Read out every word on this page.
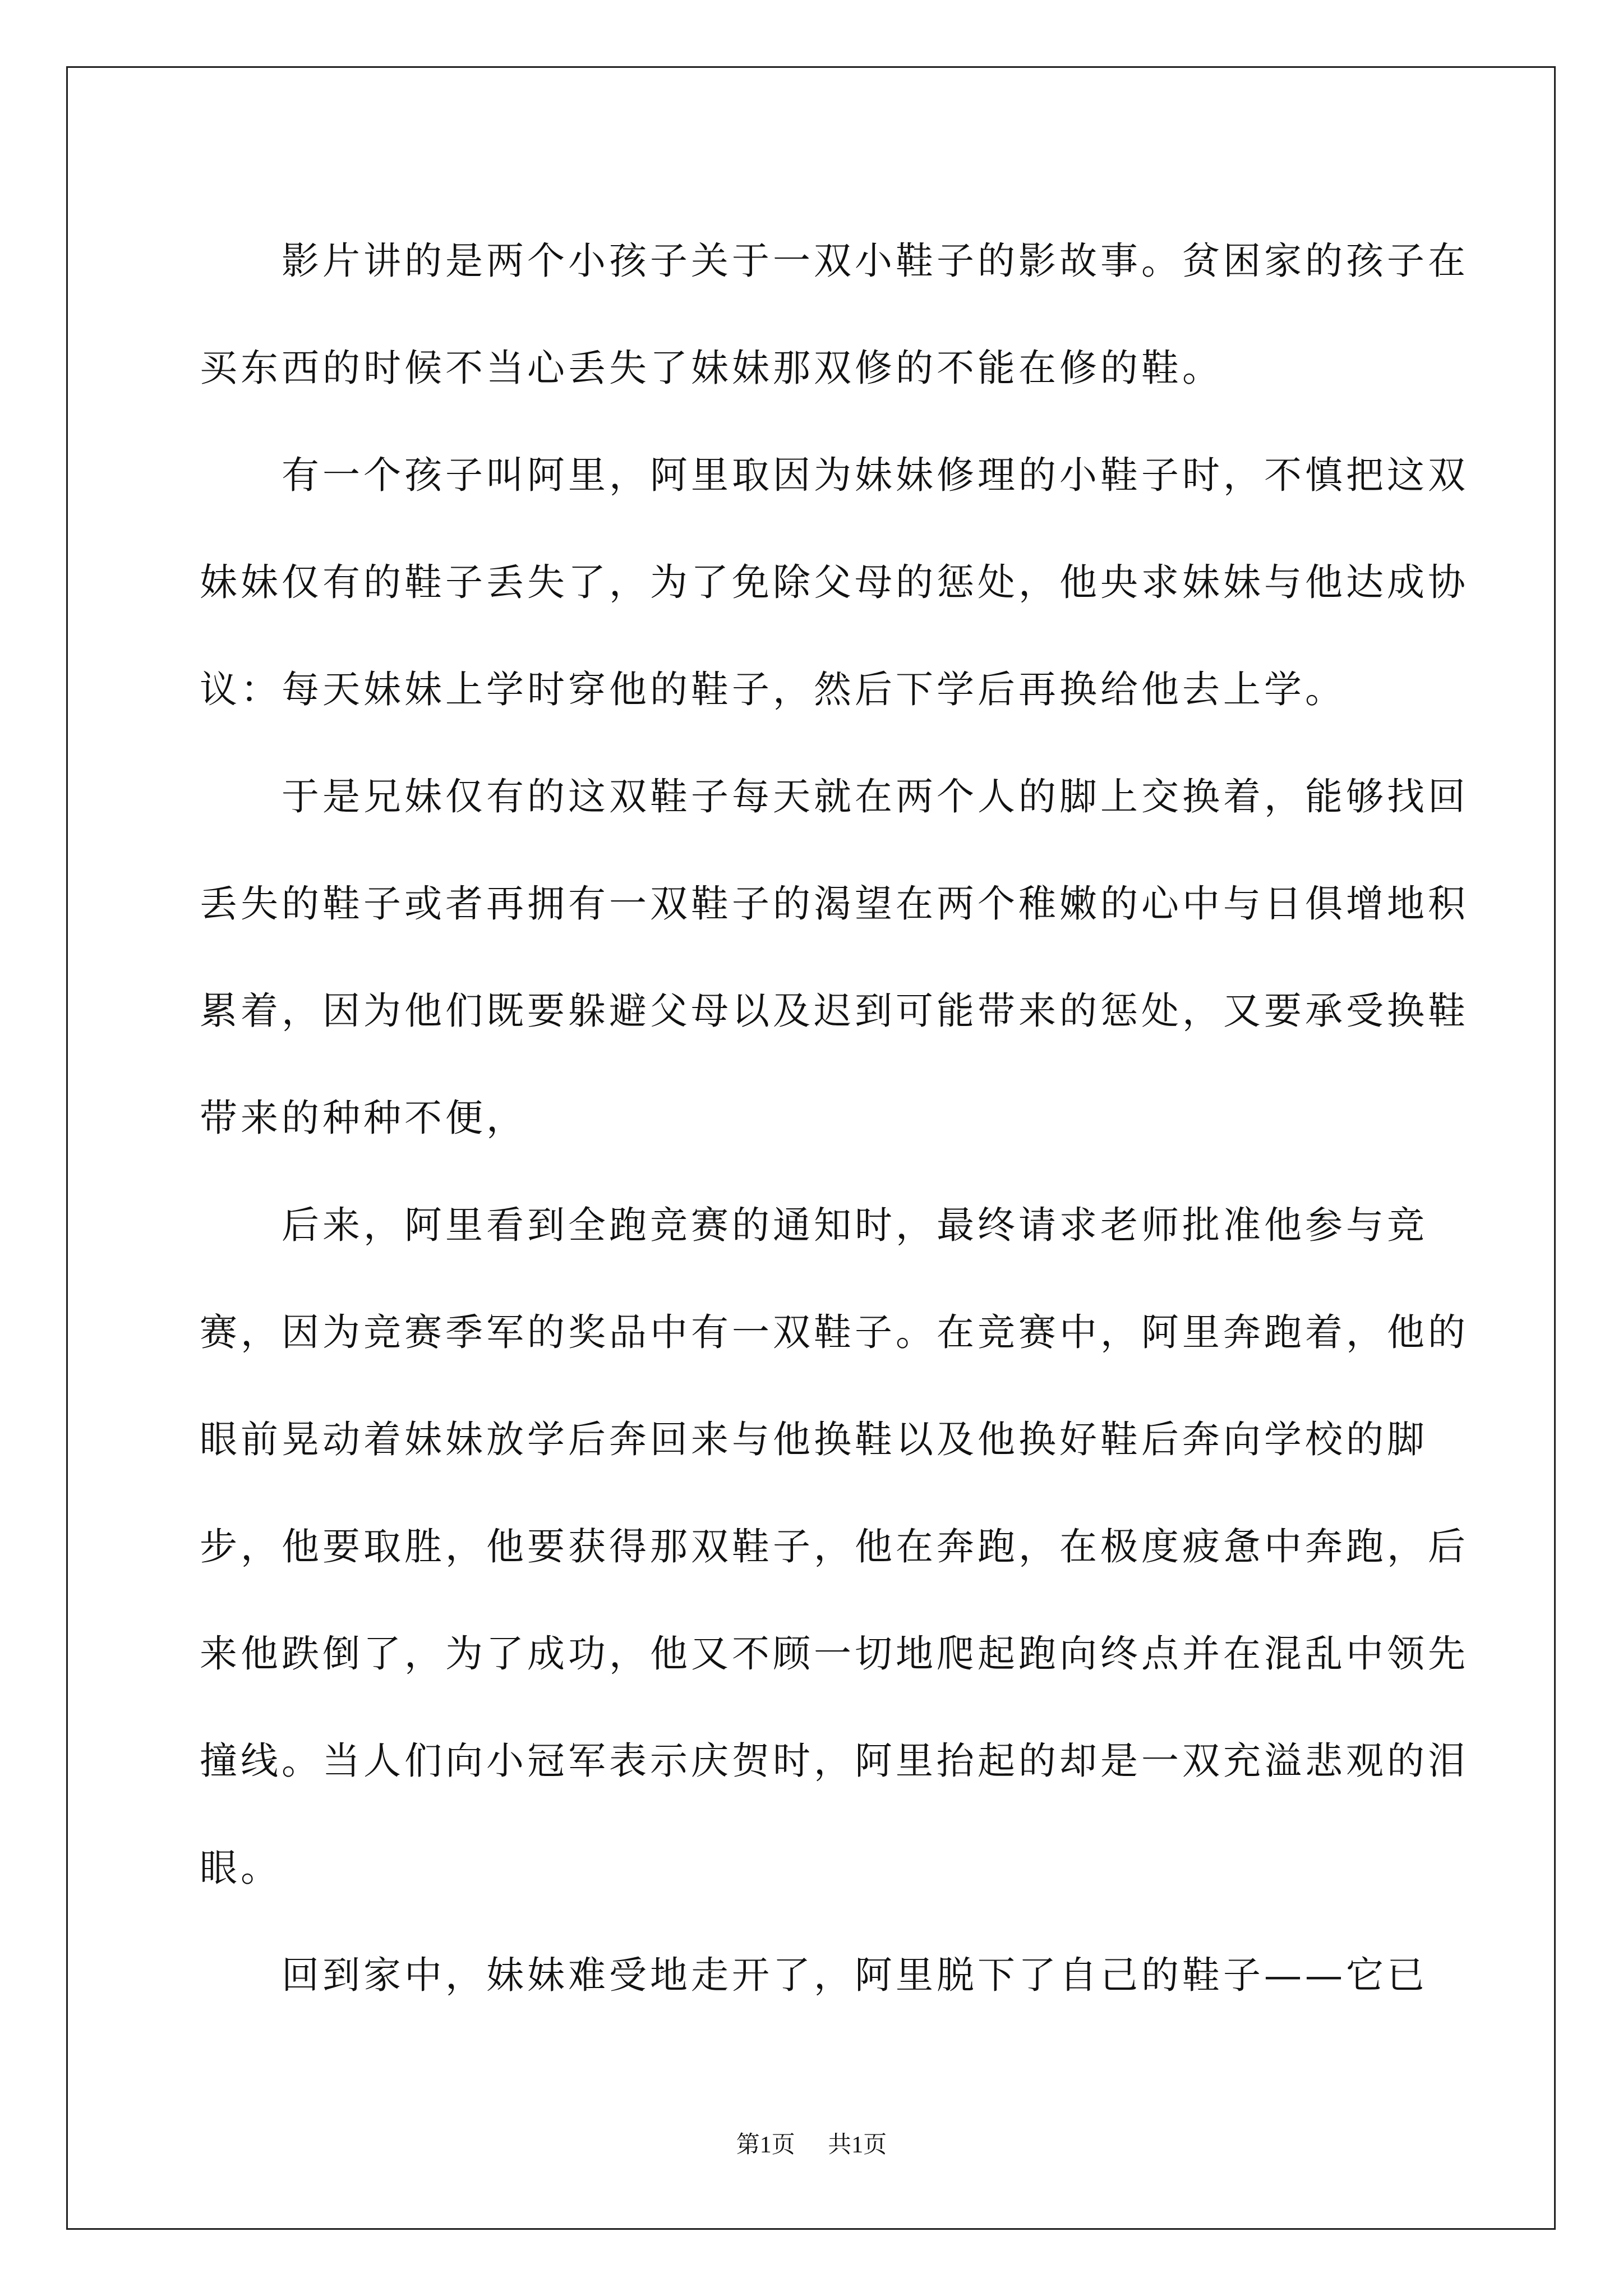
影片讲的是两个小孩子关于一双小鞋子的影故事。贫困家的孩子在买东西的时候不当心丢失了妹妹那双修的不能在修的鞋。

有一个孩子叫阿里，阿里取因为妹妹修理的小鞋子时，不慎把这双妹妹仅有的鞋子丢失了，为了免除父母的惩处，他央求妹妹与他达成协议：每天妹妹上学时穿他的鞋子，然后下学后再换给他去上学。

于是兄妹仅有的这双鞋子每天就在两个人的脚上交换着，能够找回丢失的鞋子或者再拥有一双鞋子的渴望在两个稚嫩的心中与日俱增地积累着，因为他们既要躲避父母以及迟到可能带来的惩处，又要承受换鞋带来的种种不便，

后来，阿里看到全跑竞赛的通知时，最终请求老师批准他参与竞赛，因为竞赛季军的奖品中有一双鞋子。在竞赛中，阿里奔跑着，他的眼前晃动着妹妹放学后奔回来与他换鞋以及他换好鞋后奔向学校的脚步，他要取胜，他要获得那双鞋子，他在奔跑，在极度疲惫中奔跑，后来他跌倒了，为了成功，他又不顾一切地爬起跑向终点并在混乱中领先撞线。当人们向小冠军表示庆贺时，阿里抬起的却是一双充溢悲观的泪眼。

回到家中，妹妹难受地走开了，阿里脱下了自己的鞋子——它已

第1页 共1页
